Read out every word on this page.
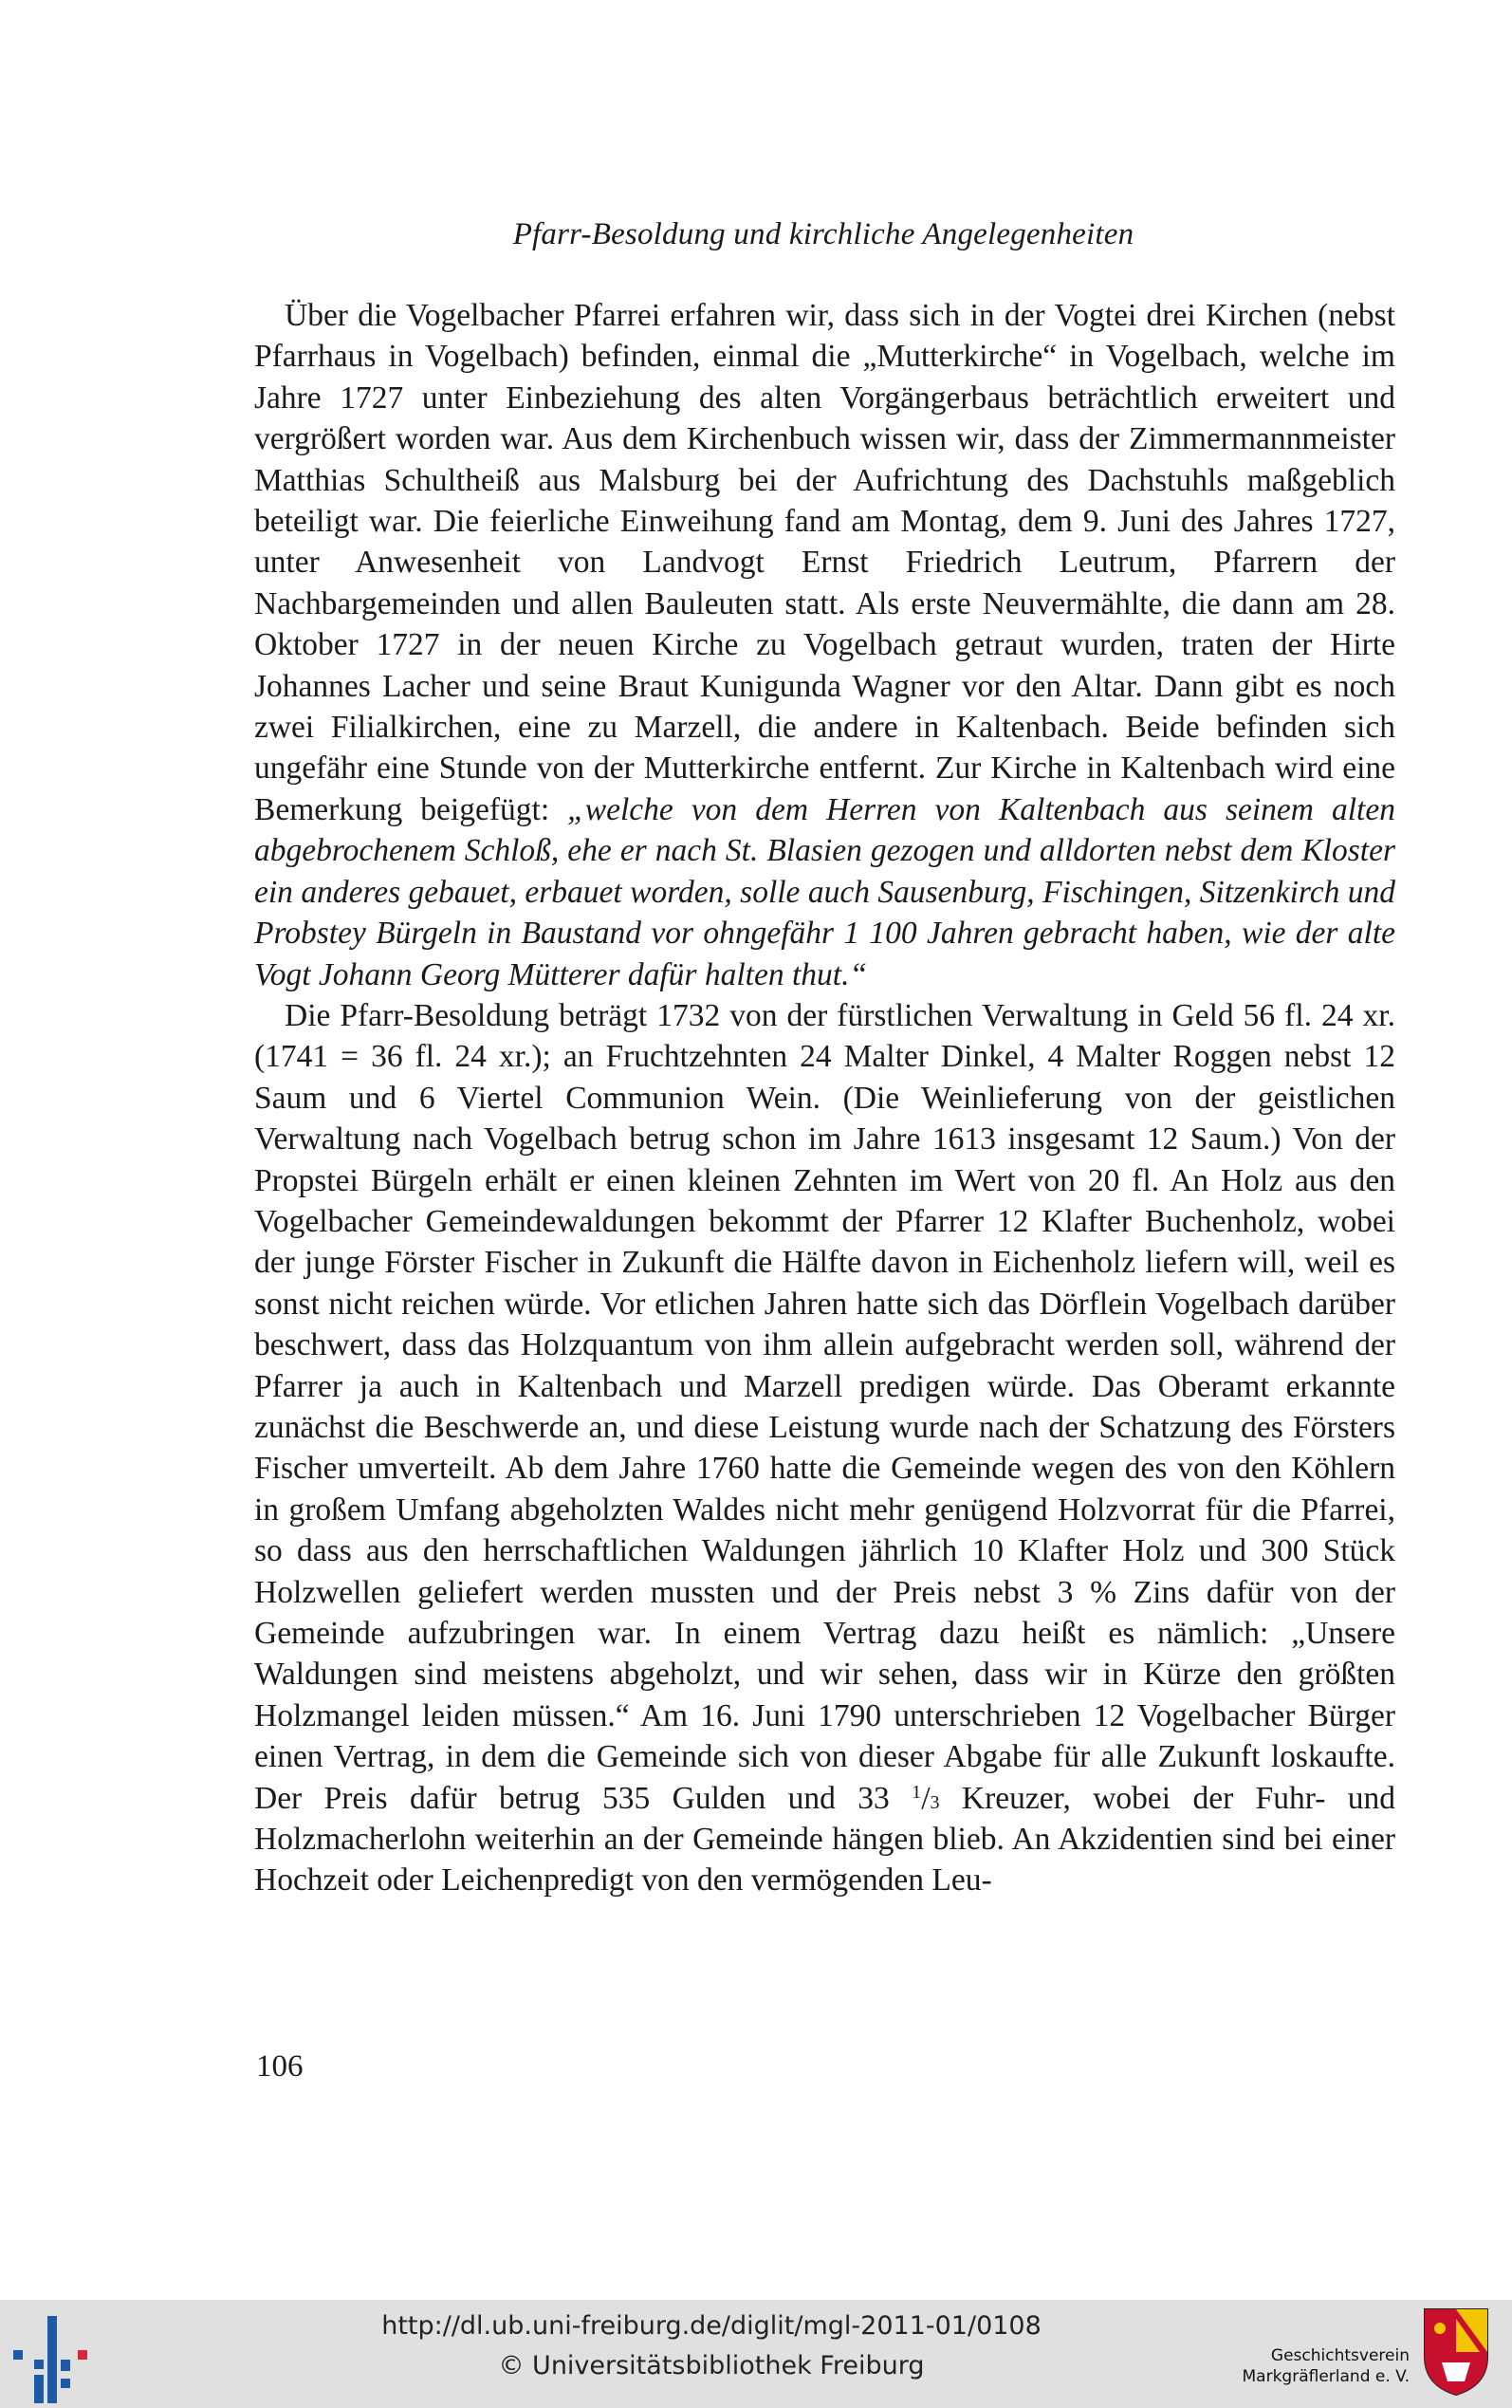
Pfarr-Besoldung und kirchliche Angelegenheiten

Über die Vogelbacher Pfarrei erfahren wir, dass sich in der Vogtei drei Kirchen (nebst Pfarrhaus in Vogelbach) befinden, einmal die „Mutterkirche“ in Vogelbach, welche im Jahre 1727 unter Einbeziehung des alten Vorgängerbaus beträchtlich erweitert und vergrößert worden war. Aus dem Kirchenbuch wissen wir, dass der Zimmermannmeister Matthias Schultheiß aus Malsburg bei der Aufrichtung des Dachstuhls maßgeblich beteiligt war. Die feierliche Einweihung fand am Montag, dem 9. Juni des Jahres 1727, unter Anwesenheit von Landvogt Ernst Friedrich Leutrum, Pfarrern der Nachbargemeinden und allen Bauleuten statt. Als erste Neuvermählte, die dann am 28. Oktober 1727 in der neuen Kirche zu Vogelbach getraut wurden, traten der Hirte Johannes Lacher und seine Braut Kunigunda Wagner vor den Altar. Dann gibt es noch zwei Filialkirchen, eine zu Marzell, die andere in Kaltenbach. Beide befinden sich ungefähr eine Stunde von der Mutterkirche entfernt. Zur Kirche in Kaltenbach wird eine Bemerkung beigefügt: „welche von dem Herren von Kaltenbach aus seinem alten abgebrochenem Schloß, ehe er nach St. Blasien gezogen und alldorten nebst dem Kloster ein anderes gebauet, erbauet worden, solle auch Sausenburg, Fischingen, Sitzenkirch und Probstey Bürgeln in Baustand vor ohngefähr 1 100 Jahren gebracht haben, wie der alte Vogt Johann Georg Mütterer dafür halten thut.“

Die Pfarr-Besoldung beträgt 1732 von der fürstlichen Verwaltung in Geld 56 fl. 24 xr. (1741 = 36 fl. 24 xr.); an Fruchtzehnten 24 Malter Dinkel, 4 Malter Roggen nebst 12 Saum und 6 Viertel Communion Wein. (Die Weinlieferung von der geistlichen Verwaltung nach Vogelbach betrug schon im Jahre 1613 insgesamt 12 Saum.) Von der Propstei Bürgeln erhält er einen kleinen Zehnten im Wert von 20 fl. An Holz aus den Vogelbacher Gemeindewaldungen bekommt der Pfarrer 12 Klafter Buchenholz, wobei der junge Förster Fischer in Zukunft die Hälfte davon in Eichenholz liefern will, weil es sonst nicht reichen würde. Vor etlichen Jahren hatte sich das Dörflein Vogelbach darüber beschwert, dass das Holzquantum von ihm allein aufgebracht werden soll, während der Pfarrer ja auch in Kaltenbach und Marzell predigen würde. Das Oberamt erkannte zunächst die Beschwerde an, und diese Leistung wurde nach der Schatzung des Försters Fischer umverteilt. Ab dem Jahre 1760 hatte die Gemeinde wegen des von den Köhlern in großem Umfang abgeholzten Waldes nicht mehr genügend Holzvorrat für die Pfarrei, so dass aus den herrschaftlichen Waldungen jährlich 10 Klafter Holz und 300 Stück Holzwellen geliefert werden mussten und der Preis nebst 3 % Zins dafür von der Gemeinde aufzubringen war. In einem Vertrag dazu heißt es nämlich: „Unsere Waldungen sind meistens abgeholzt, und wir sehen, dass wir in Kürze den größten Holzmangel leiden müssen.“ Am 16. Juni 1790 unterschrieben 12 Vogelbacher Bürger einen Vertrag, in dem die Gemeinde sich von dieser Abgabe für alle Zukunft loskaufte. Der Preis dafür betrug 535 Gulden und 33 $^1$/3 Kreuzer, wobei der Fuhr- und Holzmacherlohn weiterhin an der Gemeinde hängen blieb. An Akzidentien sind bei einer Hochzeit oder Leichenpredigt von den vermögenden Leu-

106
http://dl.ub.uni-freiburg.de/diglit/mgl-2011-01/0108
© Universitätsbibliothek Freiburg	Geschichtsverein
Markgräflerland e. V.
